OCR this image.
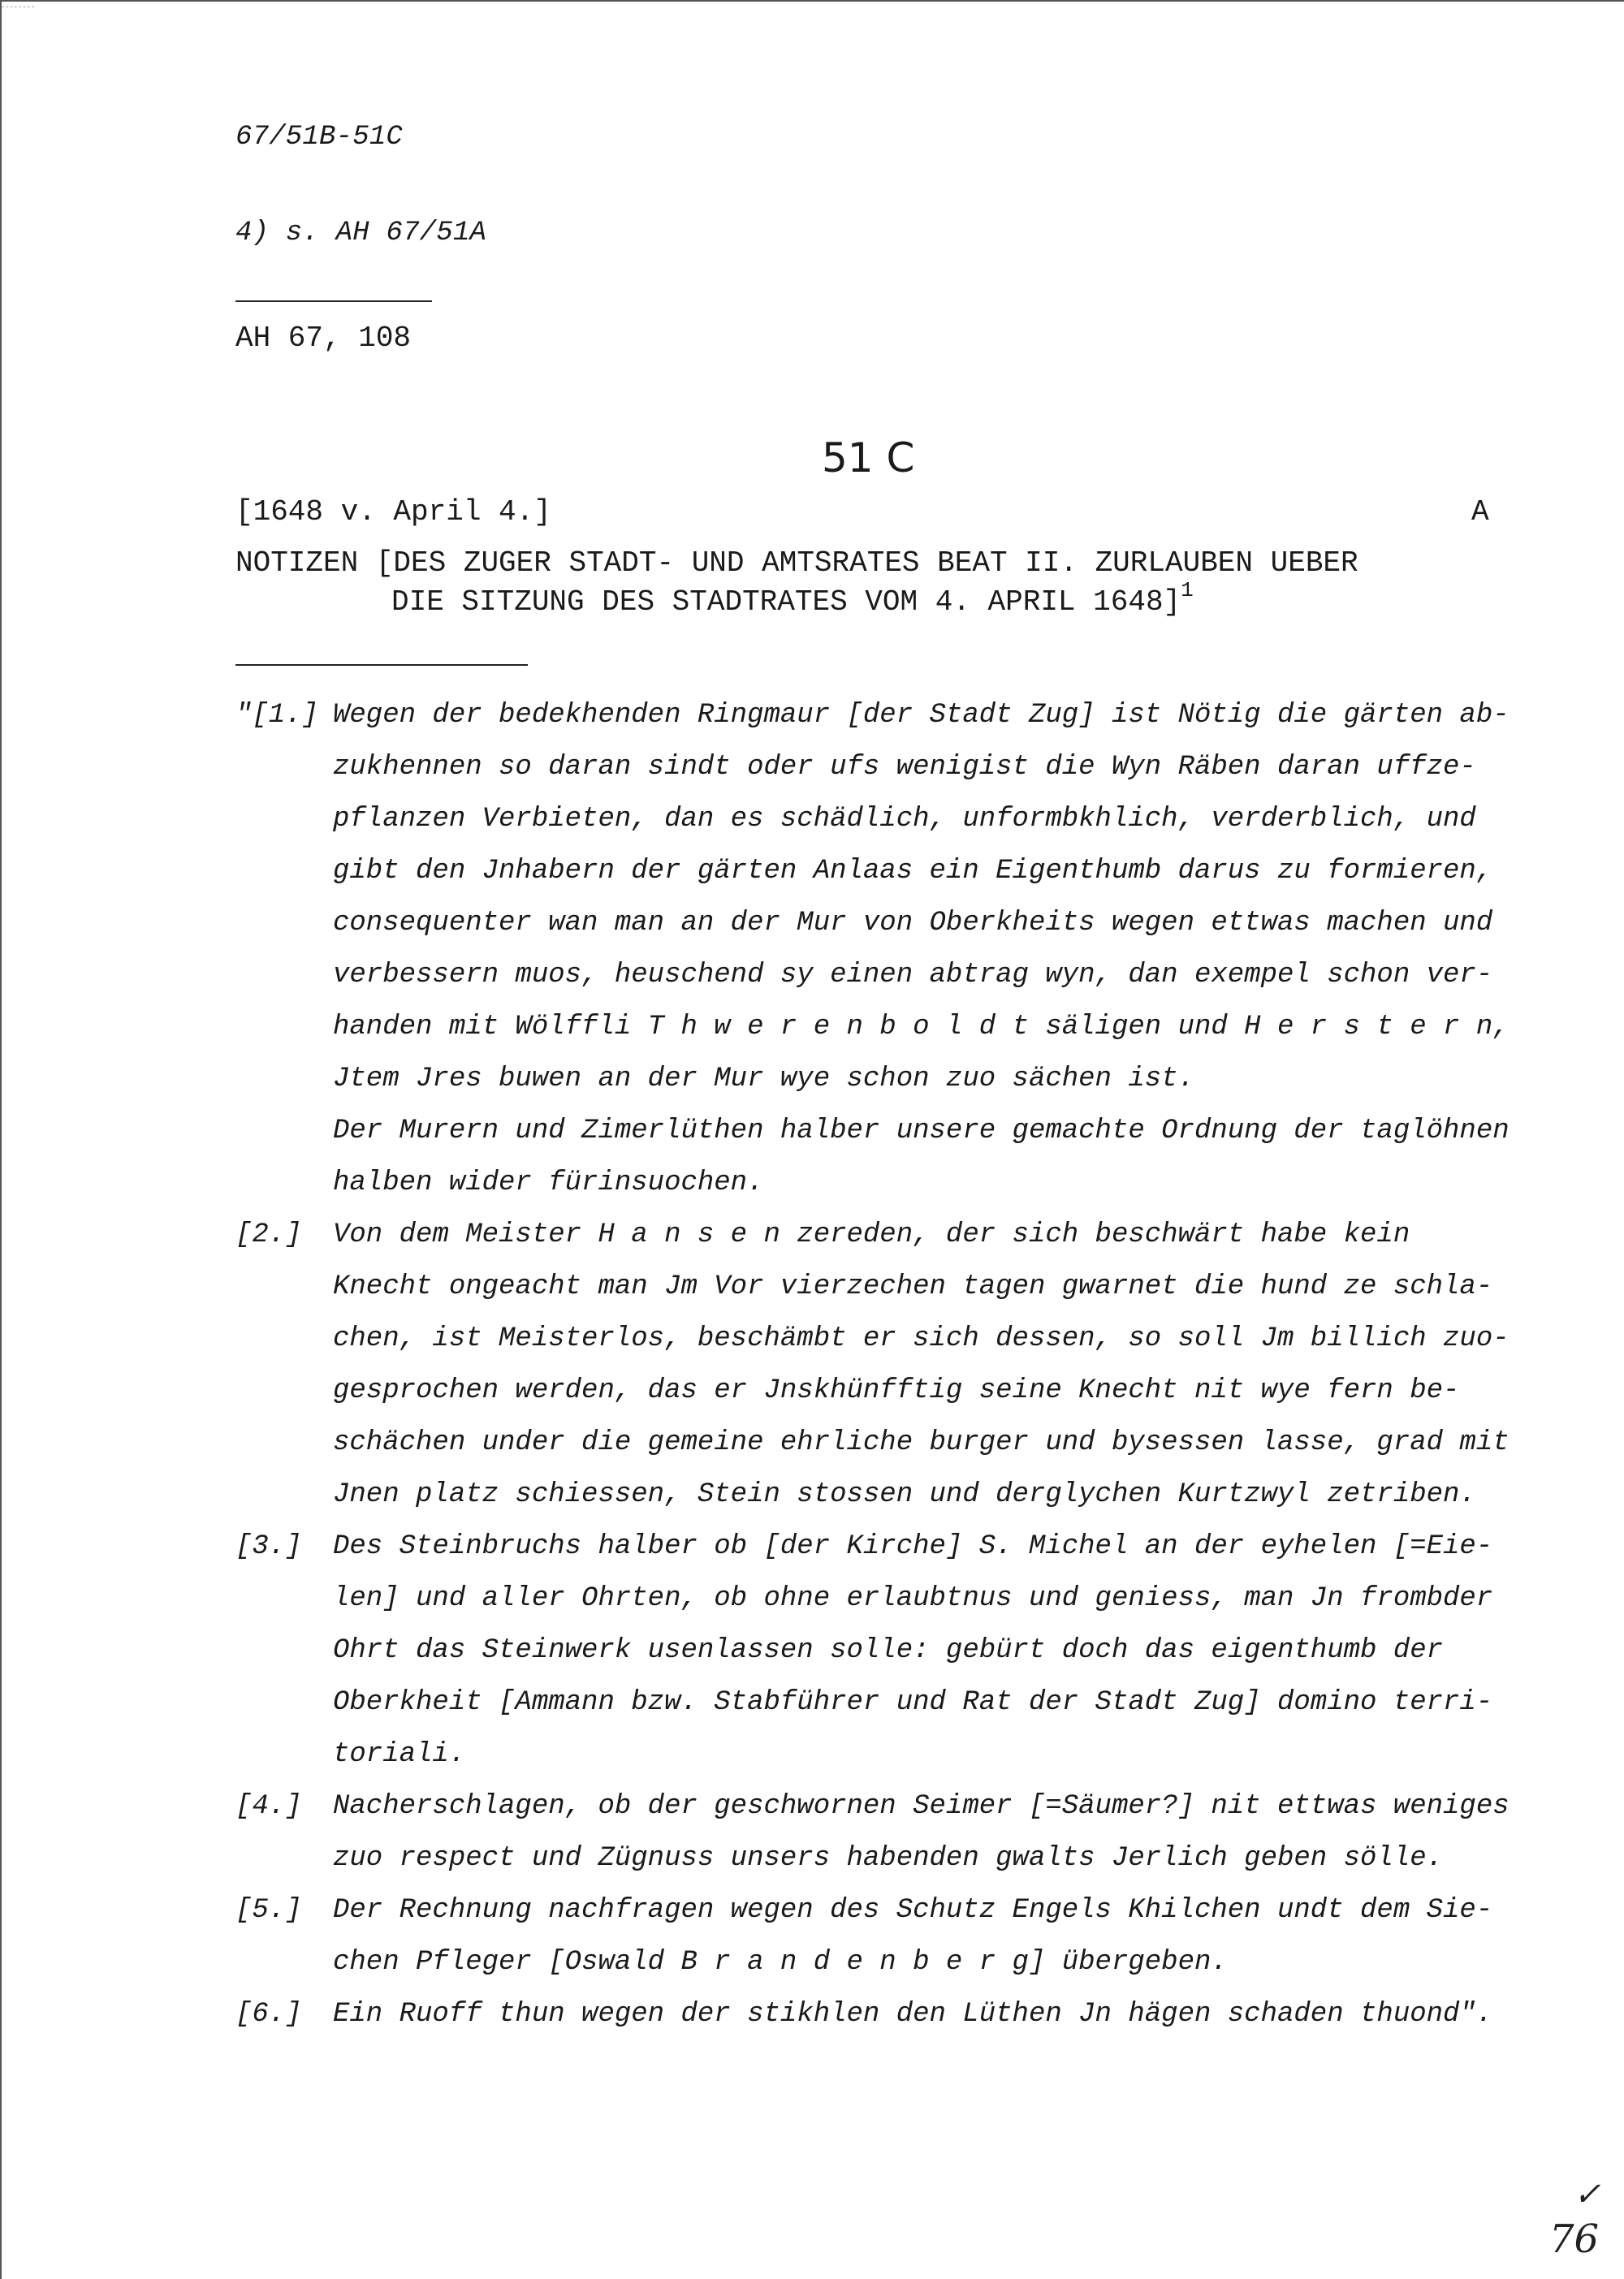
67/51B-51C
4) s. AH 67/51A
AH 67, 108
51 C
[1648 v. April 4.]	A
NOTIZEN [DES ZUGER STADT- UND AMTSRATES BEAT II. ZURLAUBEN UEBER
DIE SITZUNG DES STADTRATES VOM 4. APRIL 1648]$^1$
"[1.] Wegen der bedekhenden Ringmaur [der Stadt Zug] ist Nötig die gärten ab-
zukhennen so daran sindt oder ufs wenigist die Wyn Räben daran uffze-
pflanzen Verbieten, dan es schädlich, unformbkhlich, verderblich, und
gibt den Jnhabern der gärten Anlaas ein Eigenthumb darus zu formieren,
consequenter wan man an der Mur von Oberkheits wegen ettwas machen und
verbessern muos, heuschend sy einen abtrag wyn, dan exempel schon ver-
handen mit Wölffli T h w e r e n b o l d t säligen und H e r s t e r n,
Jtem Jres buwen an der Mur wye schon zuo sächen ist.
Der Murern und Zimerlüthen halber unsere gemachte Ordnung der taglöhnen
halben wider fürinsuochen.
[2.] Von dem Meister H a n s e n zereden, der sich beschwärt habe kein
Knecht ongeacht man Jm Vor vierzechen tagen gwarnet die hund ze schla-
chen, ist Meisterlos, beschämbt er sich dessen, so soll Jm billich zuo-
gesprochen werden, das er Jnskhünfftig seine Knecht nit wye fern be-
schächen under die gemeine ehrliche burger und bysessen lasse, grad mit
Jnen platz schiessen, Stein stossen und derglychen Kurtzwyl zetriben.
[3.] Des Steinbruchs halber ob [der Kirche] S. Michel an der eyhelen [=Eie-
len] und aller Ohrten, ob ohne erlaubtnus und geniess, man Jn frombder
Ohrt das Steinwerk usenlassen solle: gebürt doch das eigenthumb der
Oberkheit [Ammann bzw. Stabführer und Rat der Stadt Zug] domino terri-
toriali.
[4.] Nacherschlagen, ob der geschwornen Seimer [=Säumer?] nit ettwas weniges
zuo respect und Zügnuss unsers habenden gwalts Jerlich geben sölle.
[5.] Der Rechnung nachfragen wegen des Schutz Engels Khilchen undt dem Sie-
chen Pfleger [Oswald B r a n d e n b e r g] übergeben.
[6.] Ein Ruoff thun wegen der stikhlen den Lüthen Jn hägen schaden thuond".
✓
76
